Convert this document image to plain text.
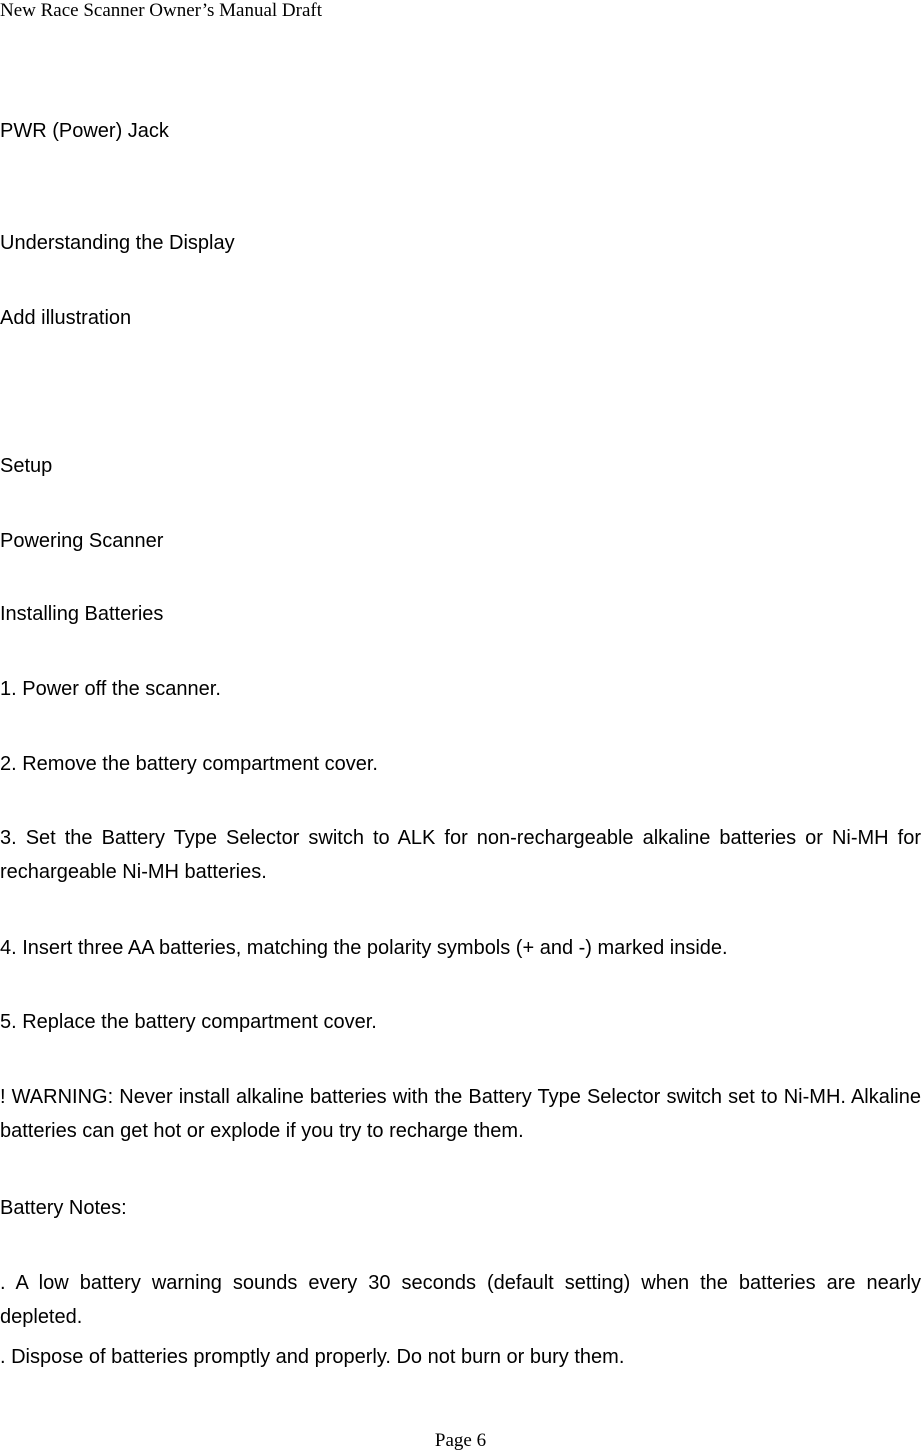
New Race Scanner Owner’s Manual Draft
PWR (Power) Jack
Understanding the Display
Add illustration
Setup
Powering Scanner
Installing Batteries
1. Power off the scanner.
2. Remove the battery compartment cover.
3. Set the Battery Type Selector switch to ALK for non-rechargeable alkaline batteries or Ni-MH for rechargeable Ni-MH batteries.
4. Insert three AA batteries, matching the polarity symbols (+ and -) marked inside.
5. Replace the battery compartment cover.
! WARNING: Never install alkaline batteries with the Battery Type Selector switch set to Ni-MH. Alkaline batteries can get hot or explode if you try to recharge them.
Battery Notes:
. A low battery warning sounds every 30 seconds (default setting) when the batteries are nearly depleted.
. Dispose of batteries promptly and properly. Do not burn or bury them.
Page 6
